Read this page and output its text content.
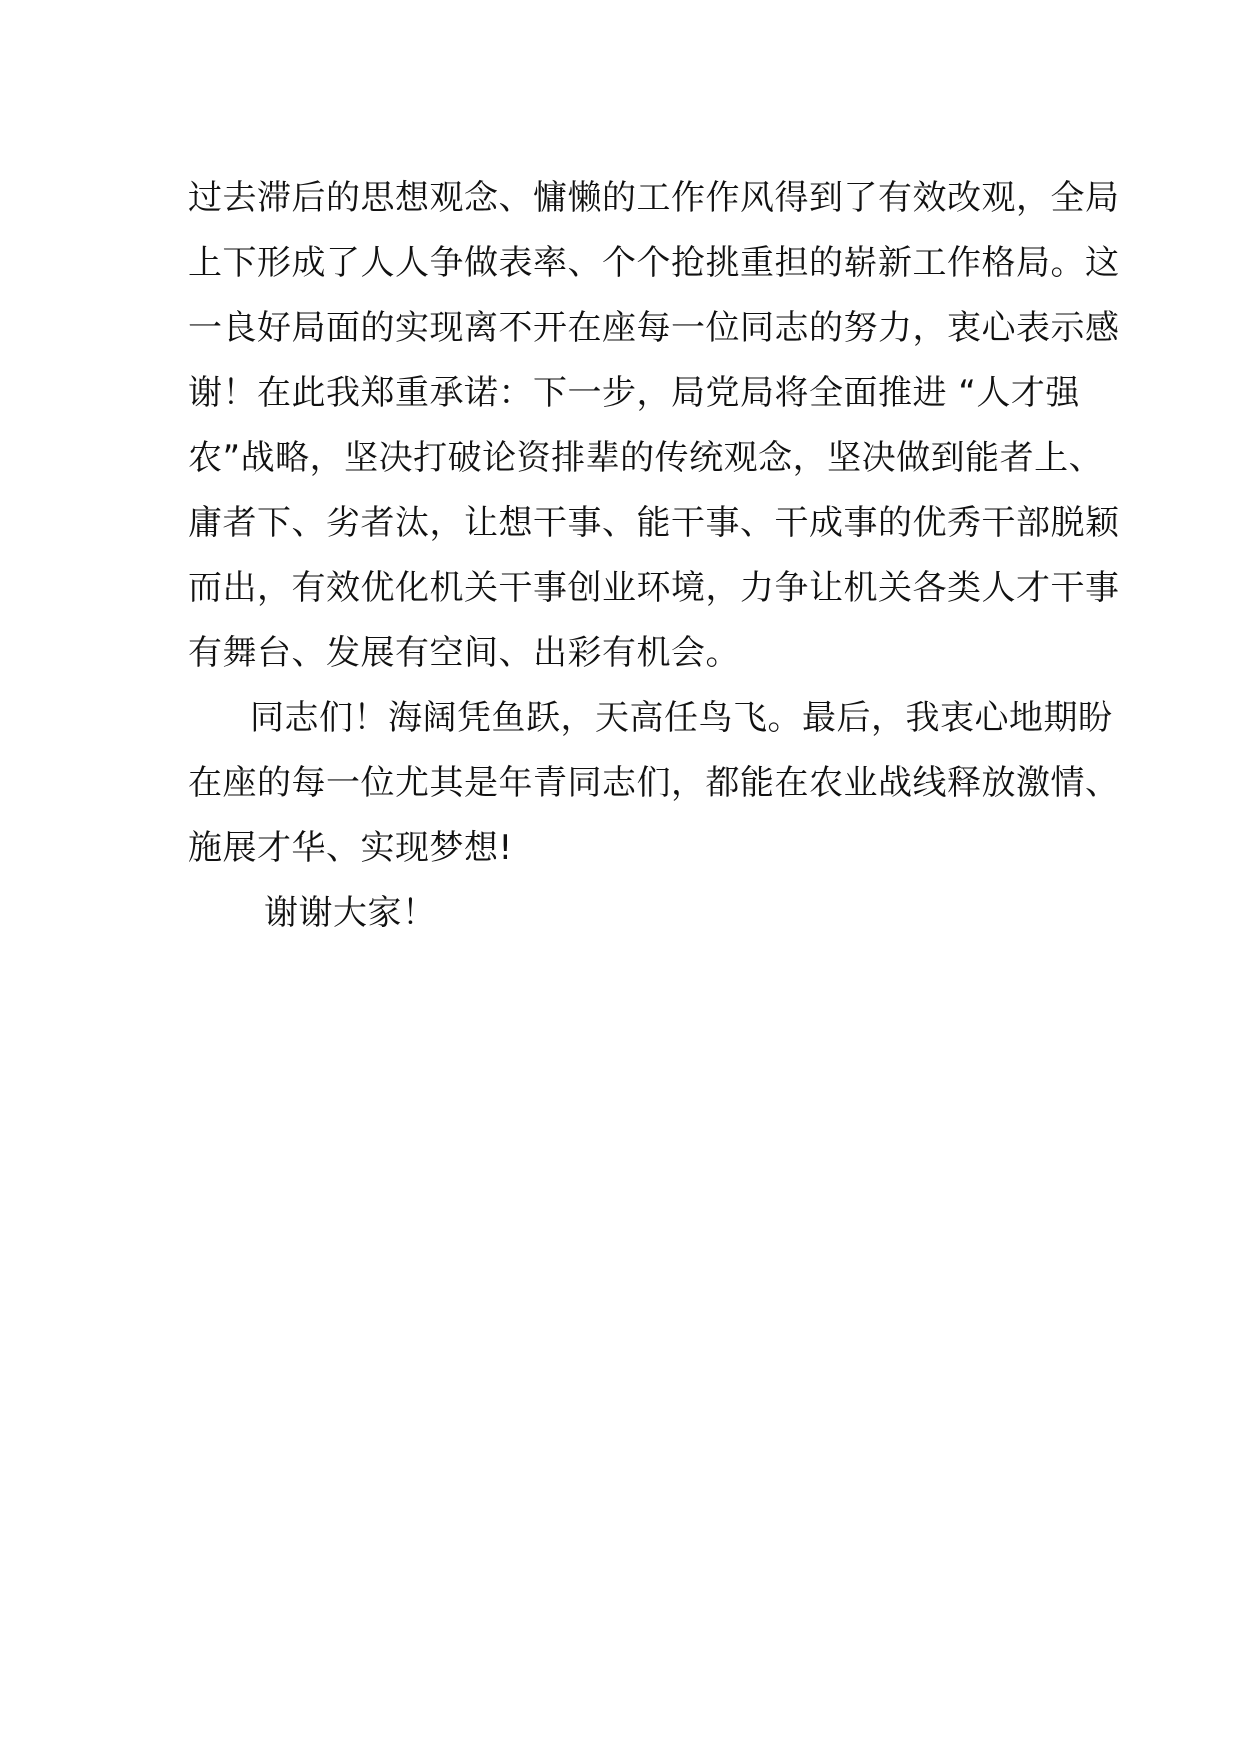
过去滞后的思想观念、慵懒的工作作风得到了有效改观，全局
上下形成了人人争做表率、个个抢挑重担的崭新工作格局。这
一良好局面的实现离不开在座每一位同志的努力，衷心表示感
谢！在此我郑重承诺：下一步，局党局将全面推进 “人才强
农”战略，坚决打破论资排辈的传统观念，坚决做到能者上、
庸者下、劣者汰，让想干事、能干事、干成事的优秀干部脱颖
而出，有效优化机关干事创业环境，力争让机关各类人才干事
有舞台、发展有空间、出彩有机会。
同志们！海阔凭鱼跃，天高任鸟飞。最后，我衷心地期盼
在座的每一位尤其是年青同志们，都能在农业战线释放激情、
施展才华、实现梦想!
谢谢大家！
